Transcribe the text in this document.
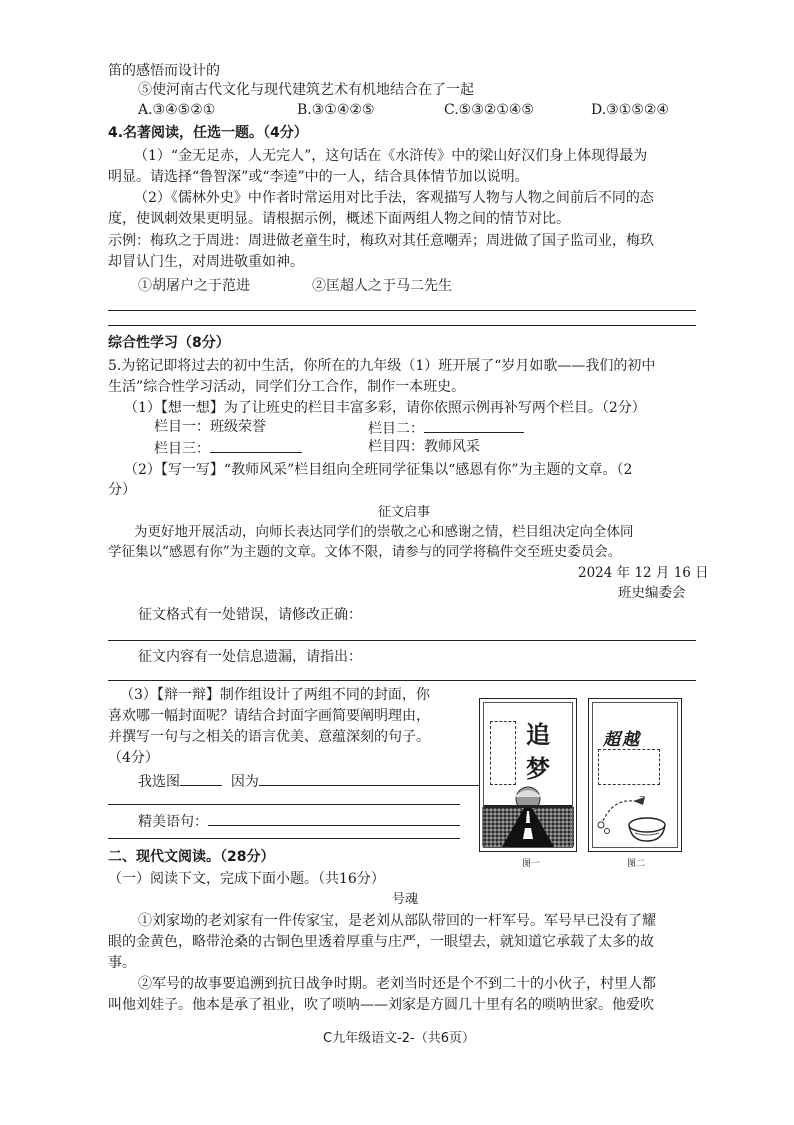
笛的感悟而设计的
⑤使河南古代文化与现代建筑艺术有机地结合在了一起
A.③④⑤②①	B.③①④②⑤	C.⑤③②①④⑤	D.③①⑤②④
4.名著阅读，任选一题。（4分）
（1）“金无足赤，人无完人”，这句话在《水浒传》中的梁山好汉们身上体现得最为
明显。请选择“鲁智深”或“李逵”中的一人，结合具体情节加以说明。
（2）《儒林外史》中作者时常运用对比手法，客观描写人物与人物之间前后不同的态
度，使讽刺效果更明显。请根据示例，概述下面两组人物之间的情节对比。
示例：梅玖之于周进：周进做老童生时，梅玖对其任意嘲弄；周进做了国子监司业，梅玖
却冒认门生，对周进敬重如神。
①胡屠户之于范进	②匡超人之于马二先生
综合性学习（8分）
5.为铭记即将过去的初中生活，你所在的九年级（1）班开展了“岁月如歌——我们的初中
生活”综合性学习活动，同学们分工合作，制作一本班史。
（1）【想一想】为了让班史的栏目丰富多彩，请你依照示例再补写两个栏目。（2分）
栏目一：班级荣誉	栏目二：
栏目三：	栏目四：教师风采
（2）【写一写】“教师风采”栏目组向全班同学征集以“感恩有你”为主题的文章。（2
分）
征文启事
为更好地开展活动，向师长表达同学们的崇敬之心和感谢之情，栏目组决定向全体同
学征集以“感恩有你”为主题的文章。文体不限，请参与的同学将稿件交至班史委员会。
2024 年 12 月 16 日
班史编委会
征文格式有一处错误，请修改正确：
征文内容有一处信息遗漏，请指出：
（3）【辩一辩】制作组设计了两组不同的封面，你
喜欢哪一幅封面呢？请结合封面字画简要阐明理由，
并撰写一句与之相关的语言优美、意蕴深刻的句子。
（4分）
我选图	因为
精美语句：
追
梦
图一
超越
~
图二
二、现代文阅读。（28分）
（一）阅读下文，完成下面小题。（共16分）
号魂
①刘家坳的老刘家有一件传家宝，是老刘从部队带回的一杆军号。军号早已没有了耀
眼的金黄色，略带沧桑的古铜色里透着厚重与庄严，一眼望去，就知道它承载了太多的故
事。
②军号的故事要追溯到抗日战争时期。老刘当时还是个不到二十的小伙子，村里人都
叫他刘娃子。他本是承了祖业，吹了唢呐——刘家是方圆几十里有名的唢呐世家。他爱吹
C九年级语文-2-（共6页）
